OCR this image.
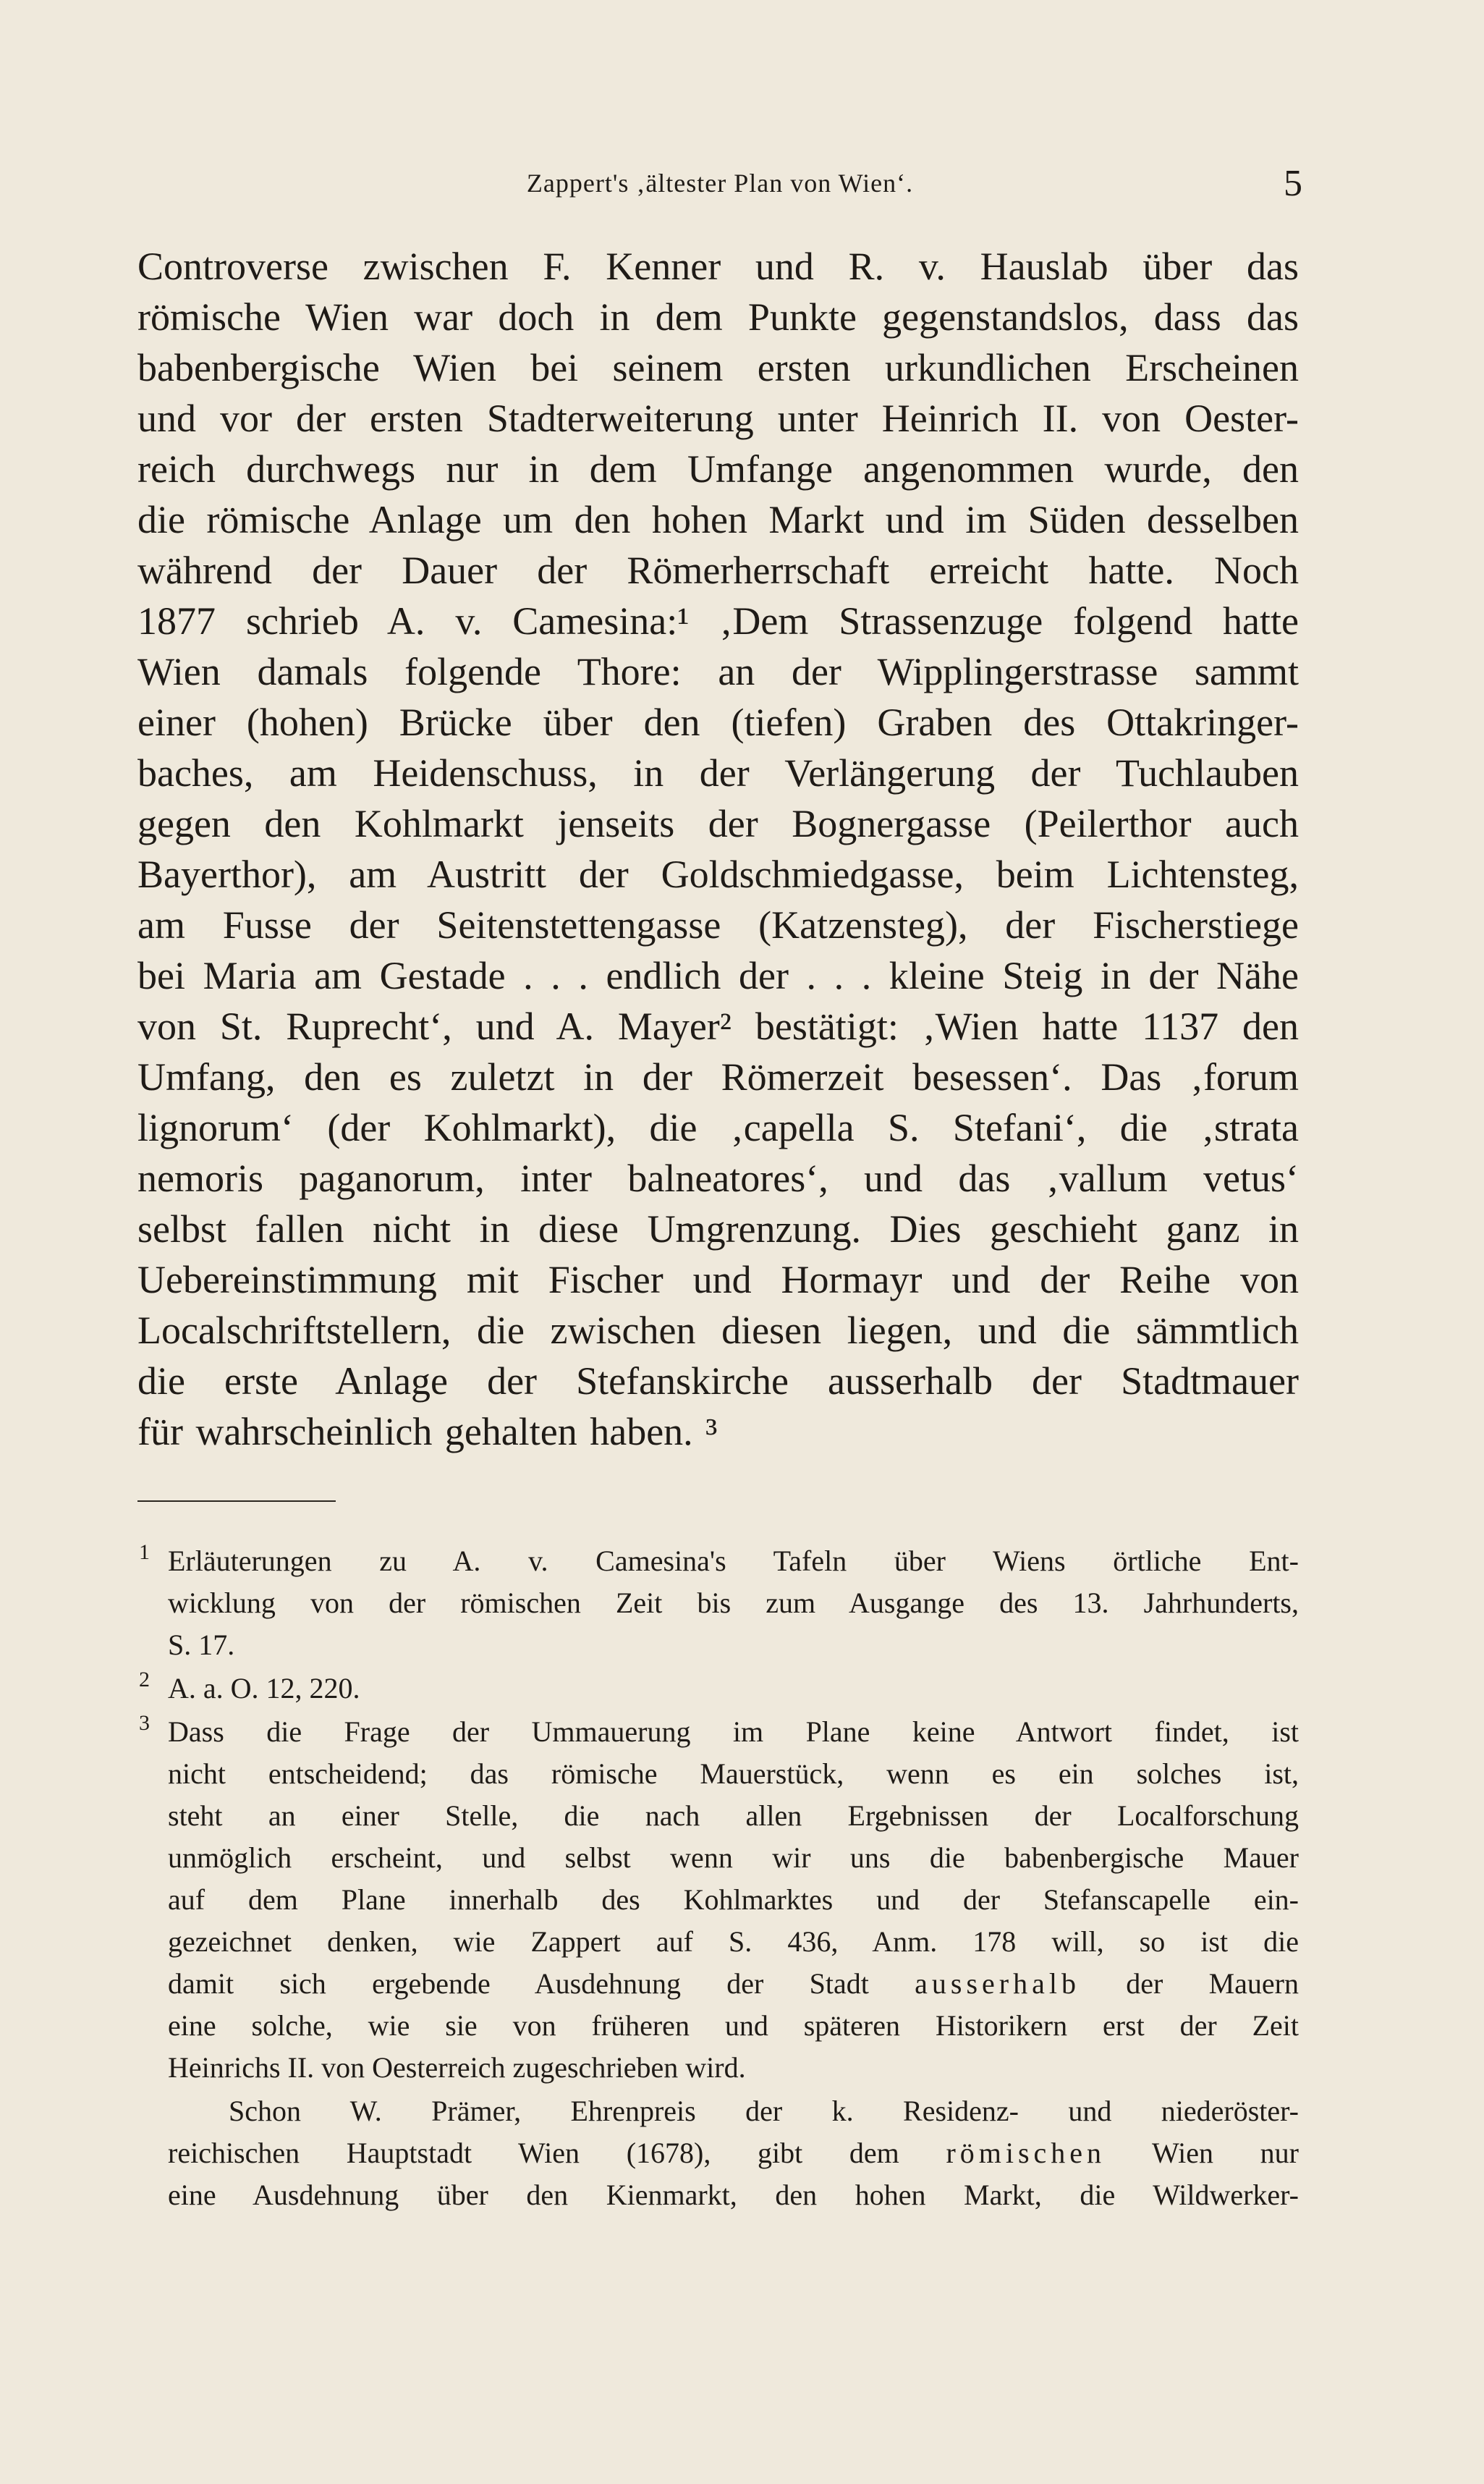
Zappert's ‚ältester Plan von Wien‘.	5
Controverse zwischen F. Kenner und R. v. Hauslab über das
römische Wien war doch in dem Punkte gegenstandslos, dass das
babenbergische Wien bei seinem ersten urkundlichen Erscheinen
und vor der ersten Stadterweiterung unter Heinrich II. von Oester-
reich durchwegs nur in dem Umfange angenommen wurde, den
die römische Anlage um den hohen Markt und im Süden desselben
während der Dauer der Römerherrschaft erreicht hatte. Noch
1877 schrieb A. v. Camesina:¹ ‚Dem Strassenzuge folgend hatte
Wien damals folgende Thore: an der Wipplingerstrasse sammt
einer (hohen) Brücke über den (tiefen) Graben des Ottakringer-
baches, am Heidenschuss, in der Verlängerung der Tuchlauben
gegen den Kohlmarkt jenseits der Bognergasse (Peilerthor auch
Bayerthor), am Austritt der Goldschmiedgasse, beim Lichtensteg,
am Fusse der Seitenstettengasse (Katzensteg), der Fischerstiege
bei Maria am Gestade . . . endlich der . . . kleine Steig in der Nähe
von St. Ruprecht‘, und A. Mayer² bestätigt: ‚Wien hatte 1137 den
Umfang, den es zuletzt in der Römerzeit besessen‘. Das ‚forum
lignorum‘ (der Kohlmarkt), die ‚capella S. Stefani‘, die ‚strata
nemoris paganorum, inter balneatores‘, und das ‚vallum vetus‘
selbst fallen nicht in diese Umgrenzung. Dies geschieht ganz in
Uebereinstimmung mit Fischer und Hormayr und der Reihe von
Localschriftstellern, die zwischen diesen liegen, und die sämmtlich
die erste Anlage der Stefanskirche ausserhalb der Stadtmauer
für wahrscheinlich gehalten haben. ³
1 Erläuterungen zu A. v. Camesina's Tafeln über Wiens örtliche Ent-
wicklung von der römischen Zeit bis zum Ausgange des 13. Jahrhunderts,
S. 17.
2 A. a. O. 12, 220.
3 Dass die Frage der Ummauerung im Plane keine Antwort findet, ist
nicht entscheidend; das römische Mauerstück, wenn es ein solches ist,
steht an einer Stelle, die nach allen Ergebnissen der Localforschung
unmöglich erscheint, und selbst wenn wir uns die babenbergische Mauer
auf dem Plane innerhalb des Kohlmarktes und der Stefanscapelle ein-
gezeichnet denken, wie Zappert auf S. 436, Anm. 178 will, so ist die
damit sich ergebende Ausdehnung der Stadt ausserhalb der Mauern
eine solche, wie sie von früheren und späteren Historikern erst der Zeit
Heinrichs II. von Oesterreich zugeschrieben wird.
Schon W. Prämer, Ehrenpreis der k. Residenz- und niederöster-
reichischen Hauptstadt Wien (1678), gibt dem römischen Wien nur
eine Ausdehnung über den Kienmarkt, den hohen Markt, die Wildwerker-
